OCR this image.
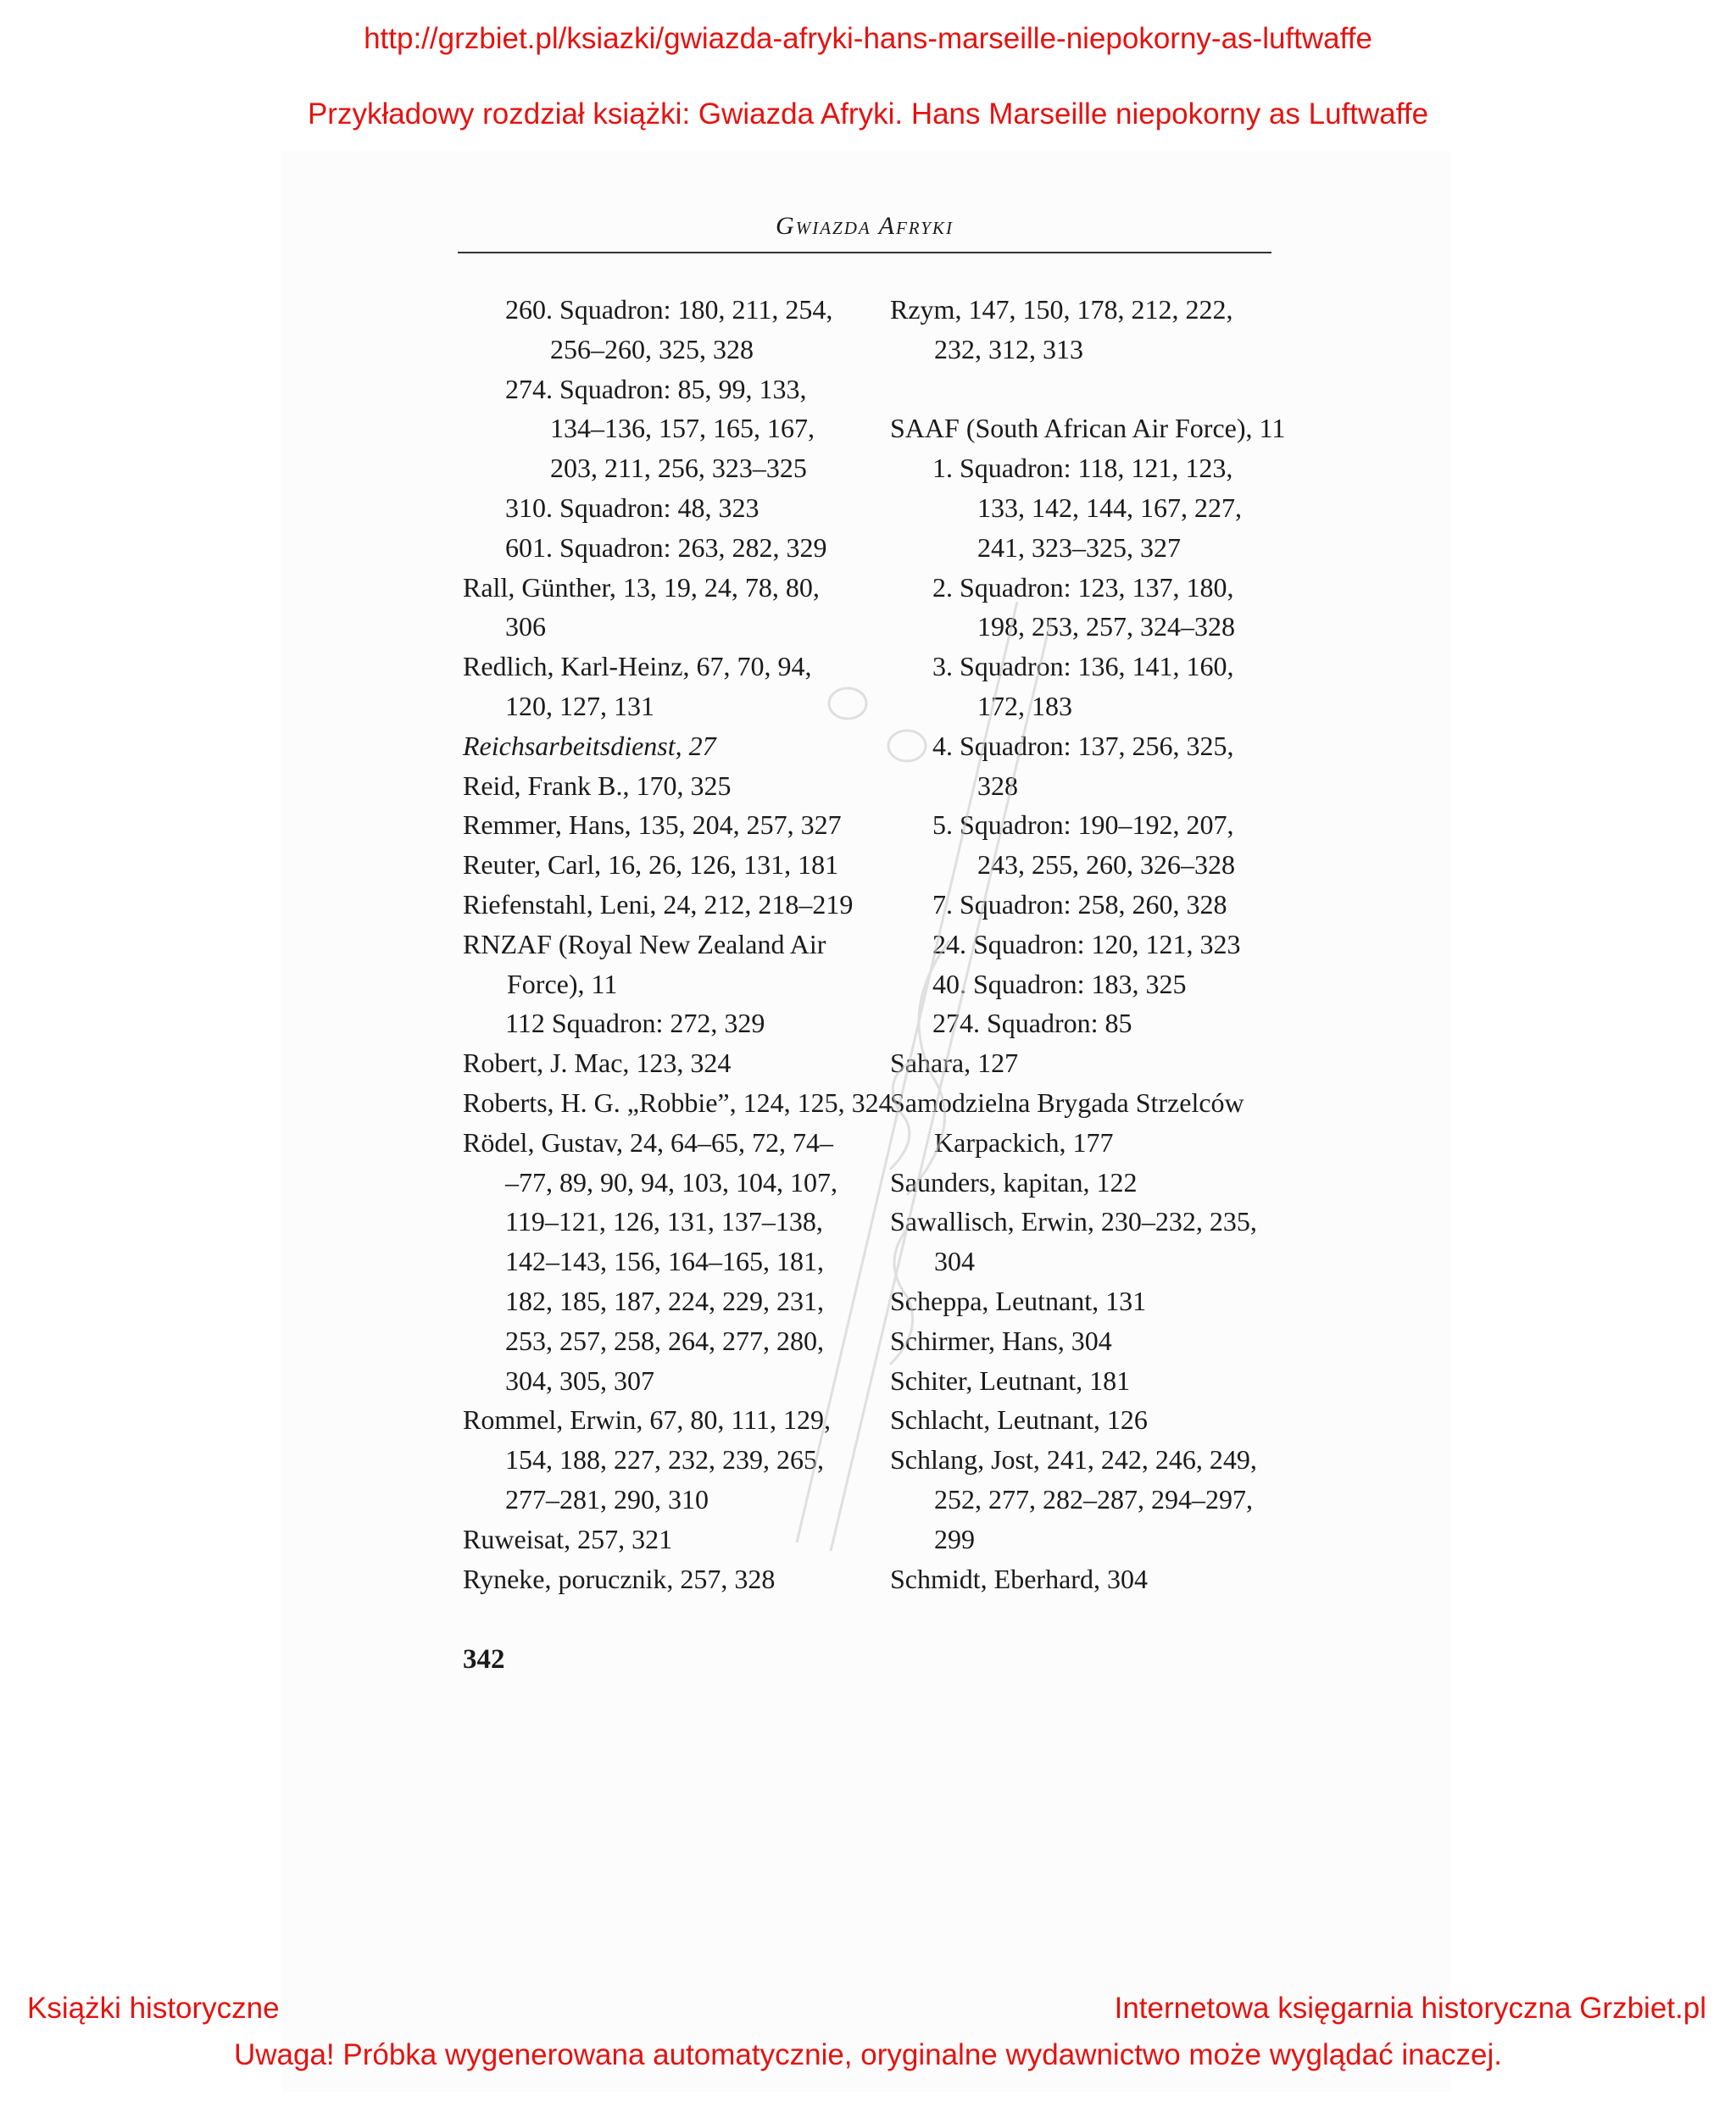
http://grzbiet.pl/ksiazki/gwiazda-afryki-hans-marseille-niepokorny-as-luftwaffe
Przykładowy rozdział książki: Gwiazda Afryki. Hans Marseille niepokorny as Luftwaffe
Gwiazda Afryki
260. Squadron: 180, 211, 254,
256–260, 325, 328
274. Squadron: 85, 99, 133,
134–136, 157, 165, 167,
203, 211, 256, 323–325
310. Squadron: 48, 323
601. Squadron: 263, 282, 329
Rall, Günther, 13, 19, 24, 78, 80,
306
Redlich, Karl-Heinz, 67, 70, 94,
120, 127, 131
Reichsarbeitsdienst, 27
Reid, Frank B., 170, 325
Remmer, Hans, 135, 204, 257, 327
Reuter, Carl, 16, 26, 126, 131, 181
Riefenstahl, Leni, 24, 212, 218–219
RNZAF (Royal New Zealand Air
Force), 11
112 Squadron: 272, 329
Robert, J. Mac, 123, 324
Roberts, H. G. „Robbie”, 124, 125, 324
Rödel, Gustav, 24, 64–65, 72, 74–
–77, 89, 90, 94, 103, 104, 107,
119–121, 126, 131, 137–138,
142–143, 156, 164–165, 181,
182, 185, 187, 224, 229, 231,
253, 257, 258, 264, 277, 280,
304, 305, 307
Rommel, Erwin, 67, 80, 111, 129,
154, 188, 227, 232, 239, 265,
277–281, 290, 310
Ruweisat, 257, 321
Ryneke, porucznik, 257, 328
Rzym, 147, 150, 178, 212, 222,
232, 312, 313
SAAF (South African Air Force), 11
1. Squadron: 118, 121, 123,
133, 142, 144, 167, 227,
241, 323–325, 327
2. Squadron: 123, 137, 180,
198, 253, 257, 324–328
3. Squadron: 136, 141, 160,
172, 183
4. Squadron: 137, 256, 325,
328
5. Squadron: 190–192, 207,
243, 255, 260, 326–328
7. Squadron: 258, 260, 328
24. Squadron: 120, 121, 323
40. Squadron: 183, 325
274. Squadron: 85
Sahara, 127
Samodzielna Brygada Strzelców
Karpackich, 177
Saunders, kapitan, 122
Sawallisch, Erwin, 230–232, 235,
304
Scheppa, Leutnant, 131
Schirmer, Hans, 304
Schiter, Leutnant, 181
Schlacht, Leutnant, 126
Schlang, Jost, 241, 242, 246, 249,
252, 277, 282–287, 294–297,
299
Schmidt, Eberhard, 304
342
Książki historyczne	Internetowa księgarnia historyczna Grzbiet.pl
Uwaga! Próbka wygenerowana automatycznie, oryginalne wydawnictwo może wyglądać inaczej.
